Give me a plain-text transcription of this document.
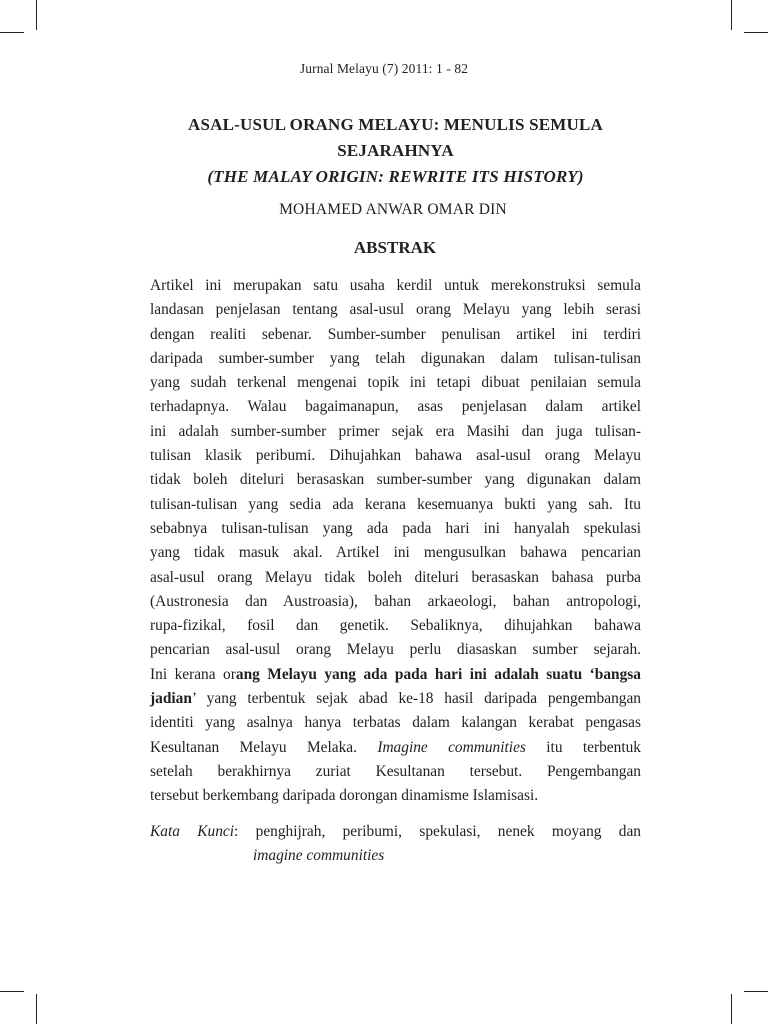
Jurnal Melayu (7) 2011: 1 - 82
ASAL-USUL ORANG MELAYU: MENULIS SEMULA
SEJARAHNYA
(THE MALAY ORIGIN: REWRITE ITS HISTORY)
MOHAMED ANWAR OMAR DIN
ABSTRAK
Artikel ini merupakan satu usaha kerdil untuk merekonstruksi semula
landasan penjelasan tentang asal-usul orang Melayu yang lebih serasi
dengan realiti sebenar. Sumber-sumber penulisan artikel ini terdiri
daripada sumber-sumber yang telah digunakan dalam tulisan-tulisan
yang sudah terkenal mengenai topik ini tetapi dibuat penilaian semula
terhadapnya. Walau bagaimanapun, asas penjelasan dalam artikel
ini adalah sumber-sumber primer sejak era Masihi dan juga tulisan-
tulisan klasik peribumi. Dihujahkan bahawa asal-usul orang Melayu
tidak boleh diteluri berasaskan sumber-sumber yang digunakan dalam
tulisan-tulisan yang sedia ada kerana kesemuanya bukti yang sah. Itu
sebabnya tulisan-tulisan yang ada pada hari ini hanyalah spekulasi
yang tidak masuk akal. Artikel ini mengusulkan bahawa pencarian
asal-usul orang Melayu tidak boleh diteluri berasaskan bahasa purba
(Austronesia dan Austroasia), bahan arkaeologi, bahan antropologi,
rupa-fizikal, fosil dan genetik. Sebaliknya, dihujahkan bahawa
pencarian asal-usul orang Melayu perlu diasaskan sumber sejarah.
Ini kerana orang Melayu yang ada pada hari ini adalah suatu ‘bangsa
jadian’ yang terbentuk sejak abad ke-18 hasil daripada pengembangan
identiti yang asalnya hanya terbatas dalam kalangan kerabat pengasas
Kesultanan Melayu Melaka. Imagine communities itu terbentuk
setelah berakhirnya zuriat Kesultanan tersebut. Pengembangan
tersebut berkembang daripada dorongan dinamisme Islamisasi.
Kata Kunci: penghijrah, peribumi, spekulasi, nenek moyang dan
imagine communities
